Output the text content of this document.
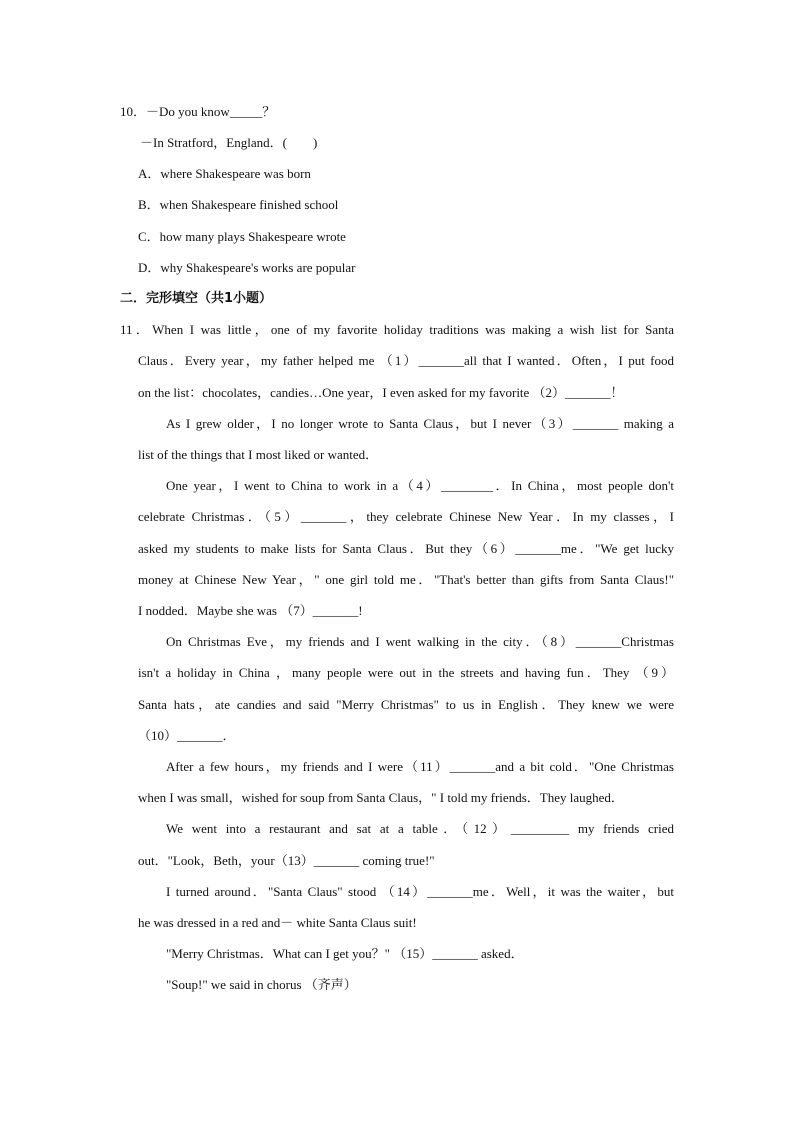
10．－Do you know_____？
－In Stratford，England．(　　)
A．where Shakespeare was born
B．when Shakespeare finished school
C．how many plays Shakespeare wrote
D．why Shakespeare's works are popular
二．完形填空（共1小题）
11．When I was little，one of my favorite holiday traditions was making a wish list for Santa
Claus．Every year，my father helped me （1）_______all that I wanted．Often，I put food
on the list：chocolates，candies…One year，I even asked for my favorite （2）_______！
As I grew older，I no longer wrote to Santa Claus，but I never（3）_______ making a
list of the things that I most liked or wanted．
One year，I went to China to work in a（4）________．In China，most people don't
celebrate Christmas．（5）_______，they celebrate Chinese New Year．In my classes，I
asked my students to make lists for Santa Claus．But they（6）_______me．"We get lucky
money at Chinese New Year，" one girl told me．"That's better than gifts from Santa Claus!"
I nodded．Maybe she was （7）_______!
On Christmas Eve，my friends and I went walking in the city．（8）_______Christmas
isn't a holiday in China ，many people were out in the streets and having fun．They （9）
Santa hats，ate candies and said "Merry Christmas" to us in English．They knew we were
（10）_______．
After a few hours，my friends and I were（11）_______and a bit cold．"One Christmas
when I was small，wished for soup from Santa Claus，" I told my friends．They laughed．
We went into a restaurant and sat at a table．（12）_________ my friends cried
out．"Look，Beth，your（13）_______ coming true!"
I turned around．"Santa Claus" stood （14）_______me．Well，it was the waiter，but
he was dressed in a red and－ white Santa Claus suit!
"Merry Christmas．What can I get you？" （15）_______ asked．
"Soup!" we said in chorus （齐声）
